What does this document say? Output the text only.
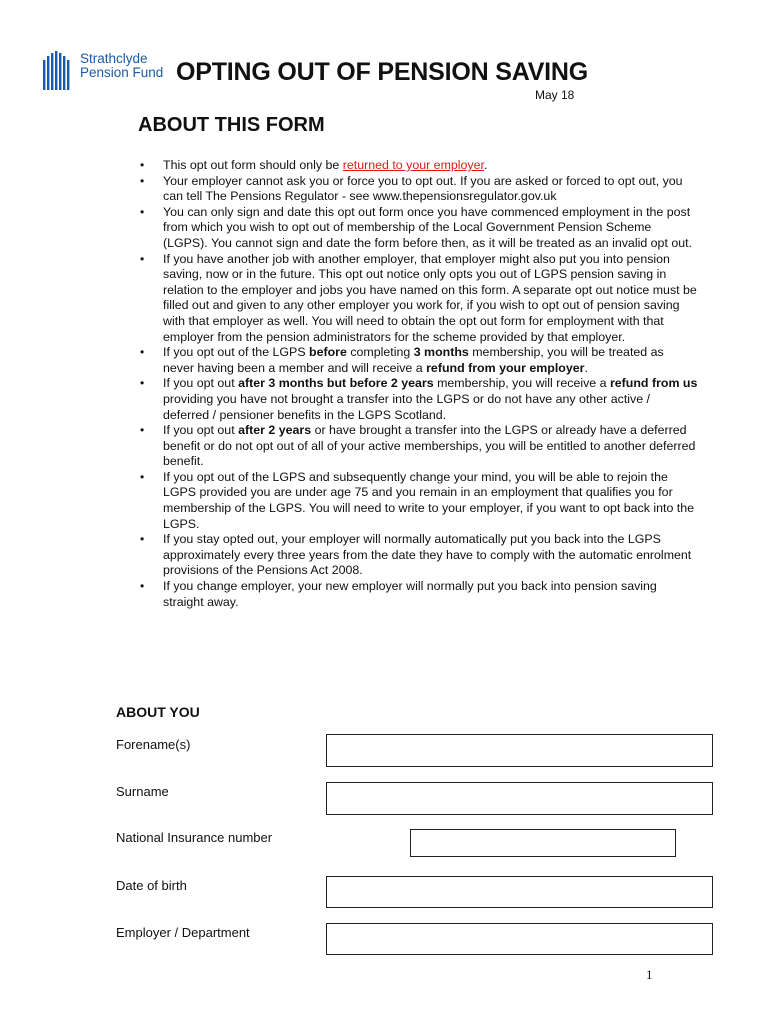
Strathclyde
Pension Fund OPTING OUT OF PENSION SAVING
May 18
ABOUT THIS FORM
• This opt out form should only be returned to your employer.
• Your employer cannot ask you or force you to opt out. If you are asked or forced to opt out, you can tell The Pensions Regulator - see www.thepensionsregulator.gov.uk
• You can only sign and date this opt out form once you have commenced employment in the post from which you wish to opt out of membership of the Local Government Pension Scheme (LGPS). You cannot sign and date the form before then, as it will be treated as an invalid opt out.
• If you have another job with another employer, that employer might also put you into pension saving, now or in the future. This opt out notice only opts you out of LGPS pension saving in relation to the employer and jobs you have named on this form. A separate opt out notice must be filled out and given to any other employer you work for, if you wish to opt out of pension saving with that employer as well. You will need to obtain the opt out form for employment with that employer from the pension administrators for the scheme provided by that employer.
• If you opt out of the LGPS before completing 3 months membership, you will be treated as never having been a member and will receive a refund from your employer.
• If you opt out after 3 months but before 2 years membership, you will receive a refund from us providing you have not brought a transfer into the LGPS or do not have any other active / deferred / pensioner benefits in the LGPS Scotland.
• If you opt out after 2 years or have brought a transfer into the LGPS or already have a deferred benefit or do not opt out of all of your active memberships, you will be entitled to another deferred benefit.
• If you opt out of the LGPS and subsequently change your mind, you will be able to rejoin the LGPS provided you are under age 75 and you remain in an employment that qualifies you for membership of the LGPS. You will need to write to your employer, if you want to opt back into the LGPS.
• If you stay opted out, your employer will normally automatically put you back into the LGPS approximately every three years from the date they have to comply with the automatic enrolment provisions of the Pensions Act 2008.
• If you change employer, your new employer will normally put you back into pension saving straight away.
ABOUT YOU
Forename(s)
Surname
National Insurance number
Date of birth
Employer / Department
1
